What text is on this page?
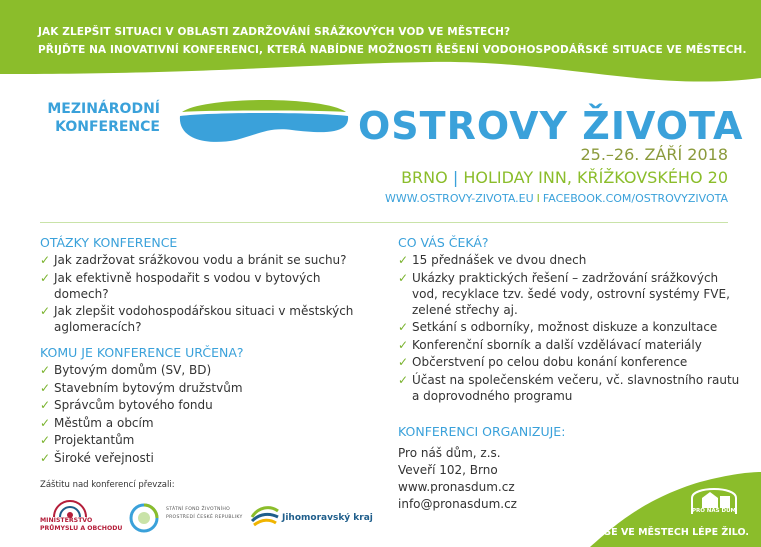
JAK ZLEPŠIT SITUACI V OBLASTI ZADRŽOVÁNÍ SRÁŽKOVÝCH VOD VE MĚSTECH?
PŘIJĎTE NA INOVATIVNÍ KONFERENCI, KTERÁ NABÍDNE MOŽNOSTI ŘEŠENÍ VODOHOSPODÁŘSKÉ SITUACE VE MĚSTECH.
MEZINÁRODNÍ
KONFERENCE	OSTROVY ŽIVOTA
25.–26. ZÁŘÍ 2018
BRNO | HOLIDAY INN, KŘÍŽKOVSKÉHO 20
WWW.OSTROVY-ZIVOTA.EU I FACEBOOK.COM/OSTROVYZIVOTA
OTÁZKY KONFERENCE
✓ Jak zadržovat srážkovou vodu a bránit se suchu?
✓ Jak efektivně hospodařit s vodou v bytových domech?
✓ Jak zlepšit vodohospodářskou situaci v městských aglomeracích?
KOMU JE KONFERENCE URČENA?
✓ Bytovým domům (SV, BD)
✓ Stavebním bytovým družstvům
✓ Správcům bytového fondu
✓ Městům a obcím
✓ Projektantům
✓ Široké veřejnosti
CO VÁS ČEKÁ?
✓ 15 přednášek ve dvou dnech
✓ Ukázky praktických řešení – zadržování srážkových vod, recyklace tzv. šedé vody, ostrovní systémy FVE, zelené střechy aj.
✓ Setkání s odborníky, možnost diskuze a konzultace
✓ Konferenční sborník a další vzdělávací materiály
✓ Občerstvení po celou dobu konání konference
✓ Účast na společenském večeru, vč. slavnostního rautu a doprovodného programu
KONFERENCI ORGANIZUJE:
Pro náš dům, z.s.
Veveří 102, Brno
www.pronasdum.cz
info@pronasdum.cz
Záštitu nad konferencí převzali:
MINISTERSTVO PRŮMYSLU A OBCHODU
STÁTNÍ FOND ŽIVOTNÍHO PROSTŘEDÍ ČESKÉ REPUBLIKY	Jihomoravský kraj
PRO NÁŠ DŮM
ABY SE VE MĚSTECH LÉPE ŽILO.
